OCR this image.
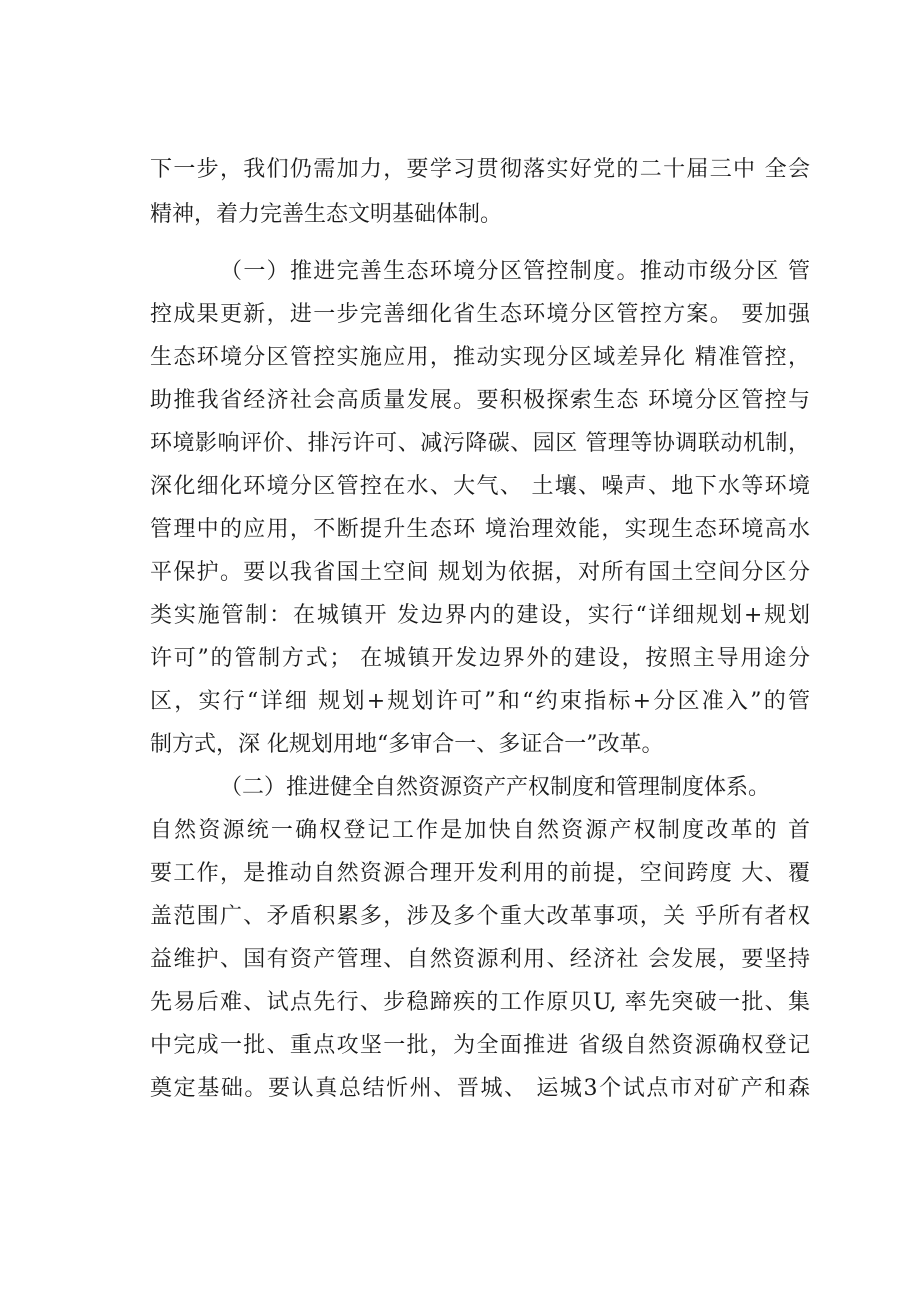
下一步，我们仍需加力，要学习贯彻落实好党的二十届三中 全会
精神，着力完善生态文明基础体制。
（一）推进完善生态环境分区管控制度。推动市级分区 管
控成果更新，进一步完善细化省生态环境分区管控方案。 要加强
生态环境分区管控实施应用，推动实现分区域差异化 精准管控，
助推我省经济社会高质量发展。要积极探索生态 环境分区管控与
环境影响评价、排污许可、减污降碳、园区 管理等协调联动机制，
深化细化环境分区管控在水、大气、 土壤、噪声、地下水等环境
管理中的应用，不断提升生态环 境治理效能，实现生态环境高水
平保护。要以我省国土空间 规划为依据，对所有国土空间分区分
类实施管制：在城镇开 发边界内的建设，实行“详细规划+规划
许可”的管制方式； 在城镇开发边界外的建设，按照主导用途分
区，实行“详细 规划+规划许可”和“约束指标+分区准入”的管
制方式，深 化规划用地“多审合一、多证合一”改革。
（二）推进健全自然资源资产产权制度和管理制度体系。
自然资源统一确权登记工作是加快自然资源产权制度改革的 首
要工作，是推动自然资源合理开发利用的前提，空间跨度 大、覆
盖范围广、矛盾积累多，涉及多个重大改革事项，关 乎所有者权
益维护、国有资产管理、自然资源利用、经济社 会发展，要坚持
先易后难、试点先行、步稳蹄疾的工作原贝U, 率先突破一批、集
中完成一批、重点攻坚一批，为全面推进 省级自然资源确权登记
奠定基础。要认真总结忻州、晋城、 运城3个试点市对矿产和森
